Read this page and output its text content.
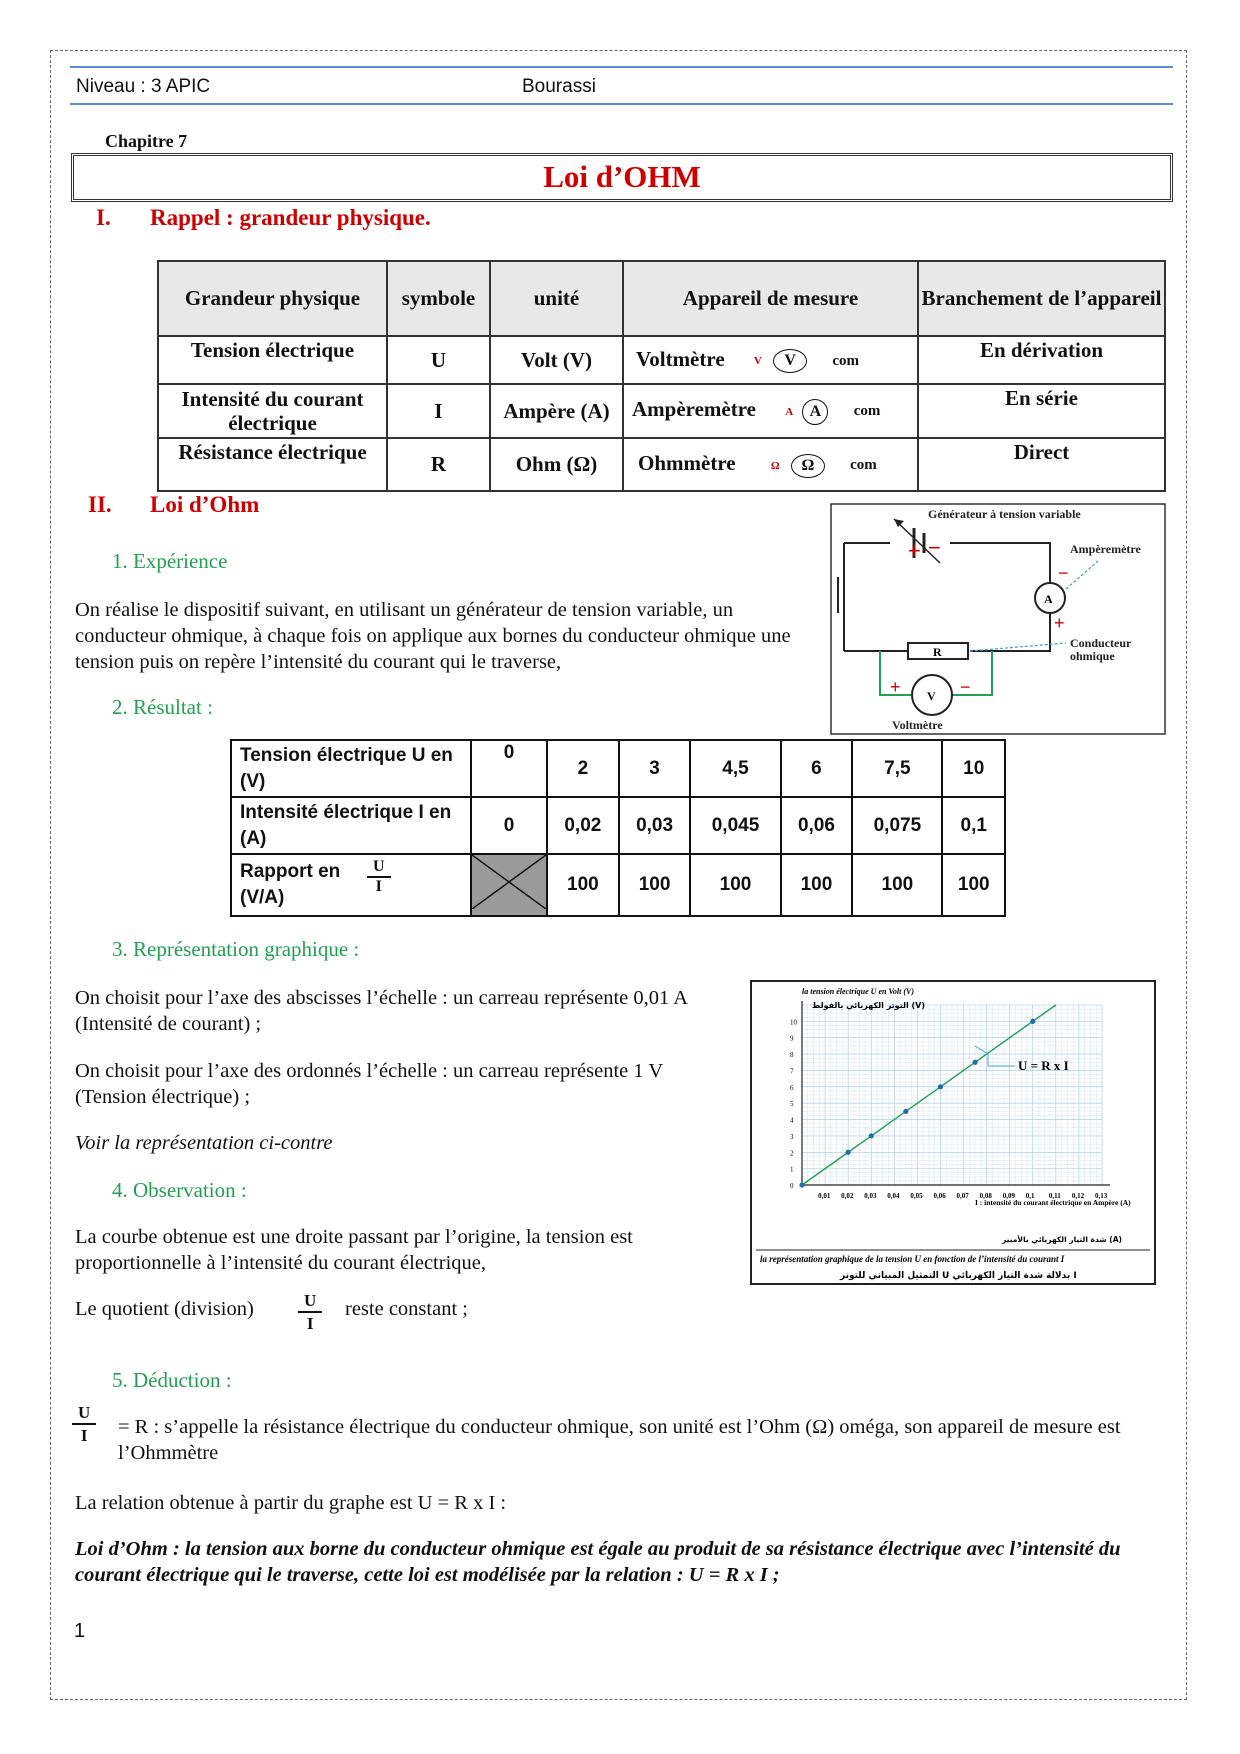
Niveau : 3 APIC	Bourassi
Chapitre 7
Loi d’OHM
I. Rappel : grandeur physique.
Grandeur physique	symbole	unité	Appareil de mesure	Branchement de l’appareil
Tension électrique	U	Volt (V)	Voltmètre V V com	En dérivation
Intensité du courant électrique	I	Ampère (A)	Ampèremètre A A com	En série
Résistance électrique	R	Ohm (Ω)	Ohmmètre Ω Ω com	Direct
II. Loi d’Ohm
1. Expérience
On réalise le dispositif suivant, en utilisant un générateur de tension variable, un conducteur ohmique, à chaque fois on applique aux bornes du conducteur ohmique une tension puis on repère l’intensité du courant qui le traverse,
Générateur à tension variable
+ −
A
−
+
Ampèremètre
R
Conducteur
ohmique
V
+	−
Voltmètre
2. Résultat :
Tension électrique U en (V)	0	2	3	4,5	6	7,5	10
Intensité électrique I en (A)	0	0,02	0,03	0,045	0,06	0,075	0,1
Rapport en (V/A)
$\frac{U}{I}$		100	100	100	100	100	100
3. Représentation graphique :
On choisit pour l’axe des abscisses l’échelle : un carreau représente 0,01 A (Intensité de courant) ;
On choisit pour l’axe des ordonnés l’échelle : un carreau représente 1 V (Tension électrique) ;
Voir la représentation ci-contre
0,01 0,02 0,03 0,04 0,05 0,06 0,07 0,08 0,09 0,1 0,11 0,12 0,13
0
1
2
3
4
5
6
7
8
9
10
la tension électrique U en Volt (V)
التوتر الكهربائي بالفولط (V)
I : intensité du courant électrique en Ampère (A)
شدة التيار الكهربائي بالأمبير (A)
la représentation graphique de la tension U en fonction de l’intensité du courant I
التمثيل المبياني للتوتر U بدلالة شدة التيار الكهربائي I
U = R x I
4. Observation :
La courbe obtenue est une droite passant par l’origine, la tension est proportionnelle à l’intensité du courant électrique,
Le quotient (division)	$\frac{U}{I}$ reste constant ;
5. Déduction :
$\frac{U}{I} = R$ : s’appelle la résistance électrique du conducteur ohmique, son unité est l’Ohm (Ω) oméga, son appareil de mesure est l’Ohmmètre
La relation obtenue à partir du graphe est U = R x I :
Loi d’Ohm : la tension aux borne du conducteur ohmique est égale au produit de sa résistance électrique avec l’intensité du courant électrique qui le traverse, cette loi est modélisée par la relation : U = R x I ;
1
